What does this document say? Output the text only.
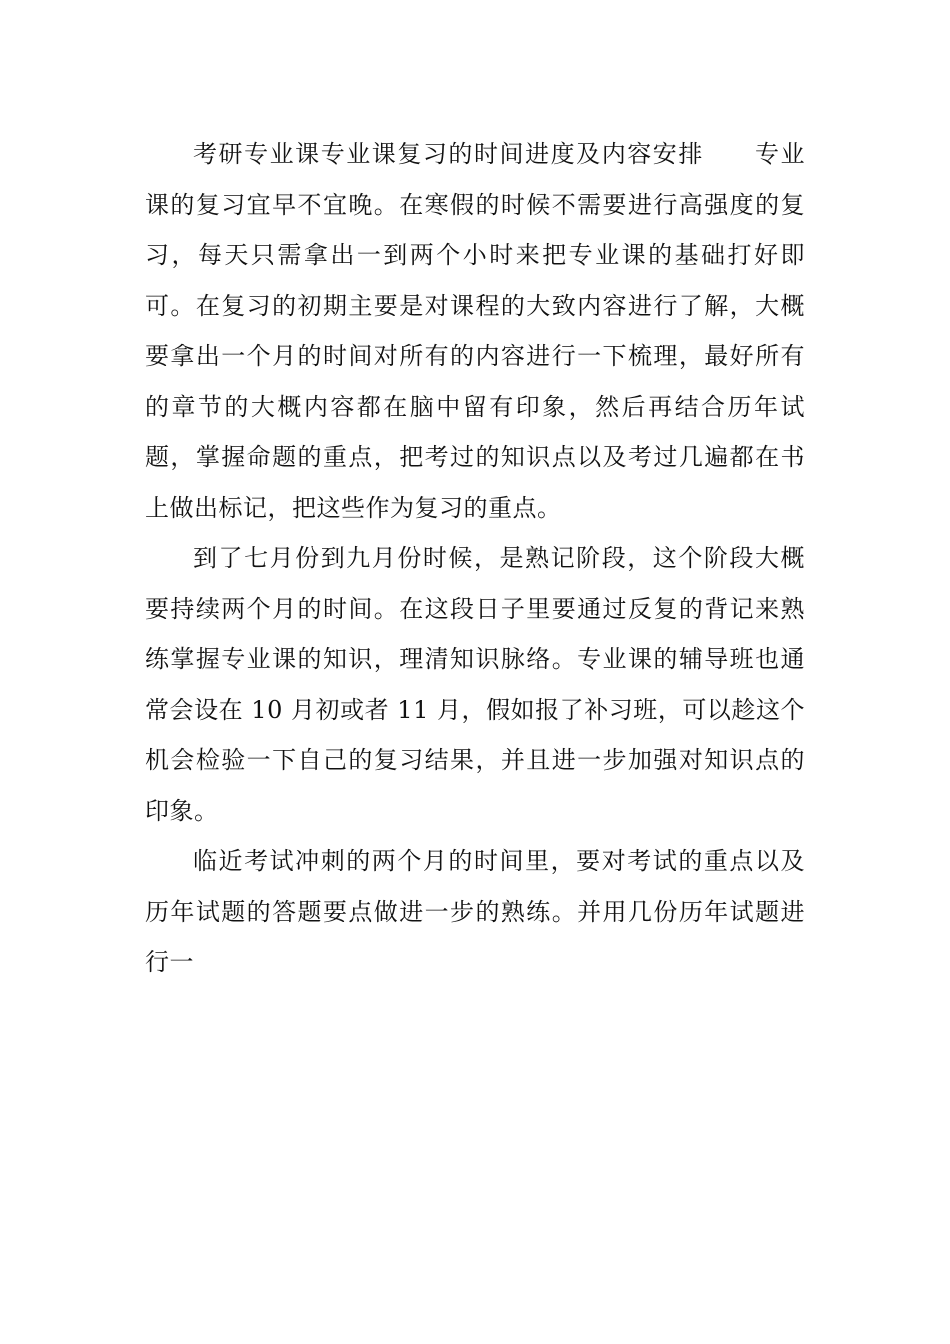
考研专业课专业课复习的时间进度及内容安排　　专业课的复习宜早不宜晚。在寒假的时候不需要进行高强度的复习，每天只需拿出一到两个小时来把专业课的基础打好即可。在复习的初期主要是对课程的大致内容进行了解，大概要拿出一个月的时间对所有的内容进行一下梳理，最好所有的章节的大概内容都在脑中留有印象，然后再结合历年试题，掌握命题的重点，把考过的知识点以及考过几遍都在书上做出标记，把这些作为复习的重点。

到了七月份到九月份时候，是熟记阶段，这个阶段大概要持续两个月的时间。在这段日子里要通过反复的背记来熟练掌握专业课的知识，理清知识脉络。专业课的辅导班也通常会设在 10 月初或者 11 月，假如报了补习班，可以趁这个机会检验一下自己的复习结果，并且进一步加强对知识点的印象。

临近考试冲刺的两个月的时间里，要对考试的重点以及历年试题的答题要点做进一步的熟练。并用几份历年试题进行一
